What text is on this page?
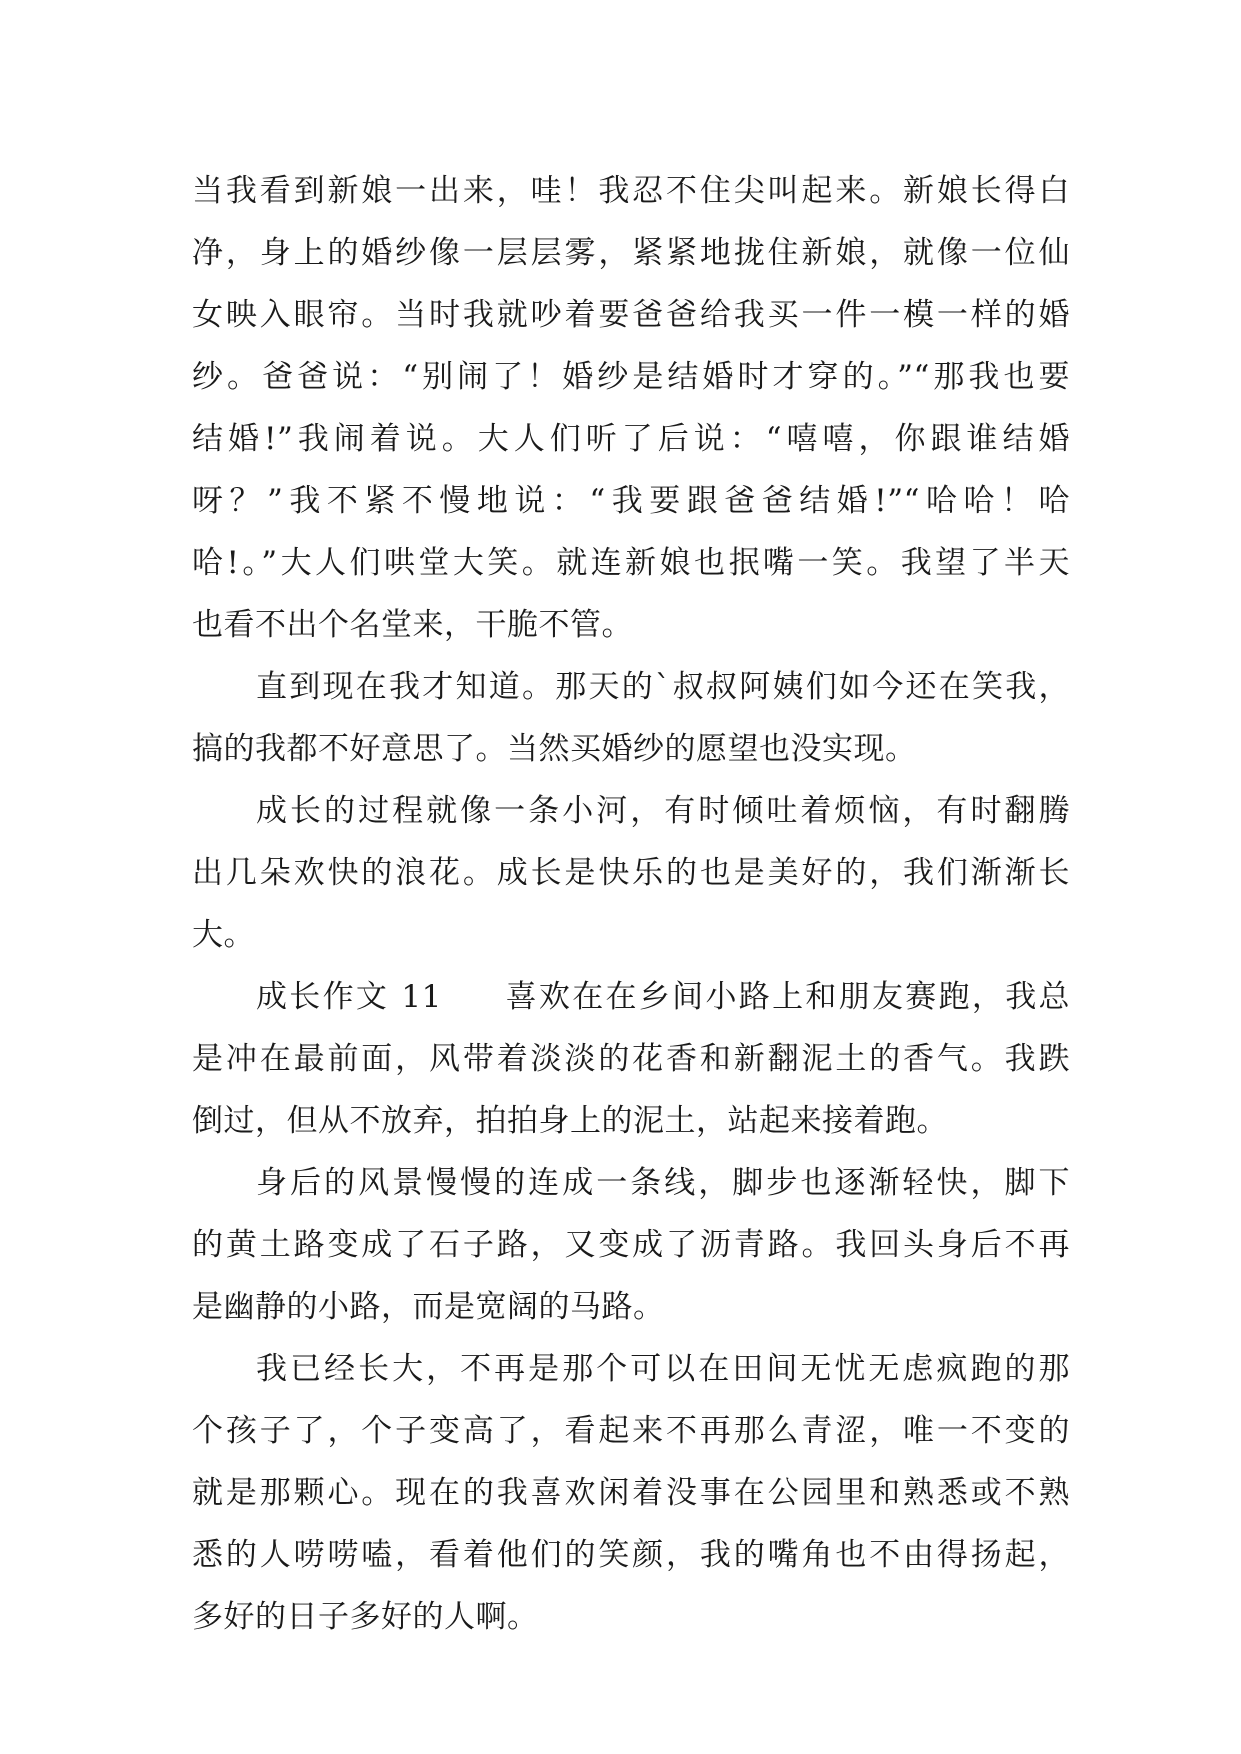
当我看到新娘一出来，哇！我忍不住尖叫起来。新娘长得白
净，身上的婚纱像一层层雾，紧紧地拢住新娘，就像一位仙
女映入眼帘。当时我就吵着要爸爸给我买一件一模一样的婚
纱。爸爸说：“别闹了！婚纱是结婚时才穿的。”“那我也要
结婚!”我闹着说。大人们听了后说：“嘻嘻，你跟谁结婚
呀？”我不紧不慢地说：“我要跟爸爸结婚!”“哈哈！哈
哈!。”大人们哄堂大笑。就连新娘也抿嘴一笑。我望了半天
也看不出个名堂来，干脆不管。
直到现在我才知道。那天的`叔叔阿姨们如今还在笑我，
搞的我都不好意思了。当然买婚纱的愿望也没实现。
成长的过程就像一条小河，有时倾吐着烦恼，有时翻腾
出几朵欢快的浪花。成长是快乐的也是美好的，我们渐渐长
大。
成长作文 11 喜欢在在乡间小路上和朋友赛跑，我总
是冲在最前面，风带着淡淡的花香和新翻泥土的香气。我跌
倒过，但从不放弃，拍拍身上的泥土，站起来接着跑。
身后的风景慢慢的连成一条线，脚步也逐渐轻快，脚下
的黄土路变成了石子路，又变成了沥青路。我回头身后不再
是幽静的小路，而是宽阔的马路。
我已经长大，不再是那个可以在田间无忧无虑疯跑的那
个孩子了，个子变高了，看起来不再那么青涩，唯一不变的
就是那颗心。现在的我喜欢闲着没事在公园里和熟悉或不熟
悉的人唠唠嗑，看着他们的笑颜，我的嘴角也不由得扬起，
多好的日子多好的人啊。
